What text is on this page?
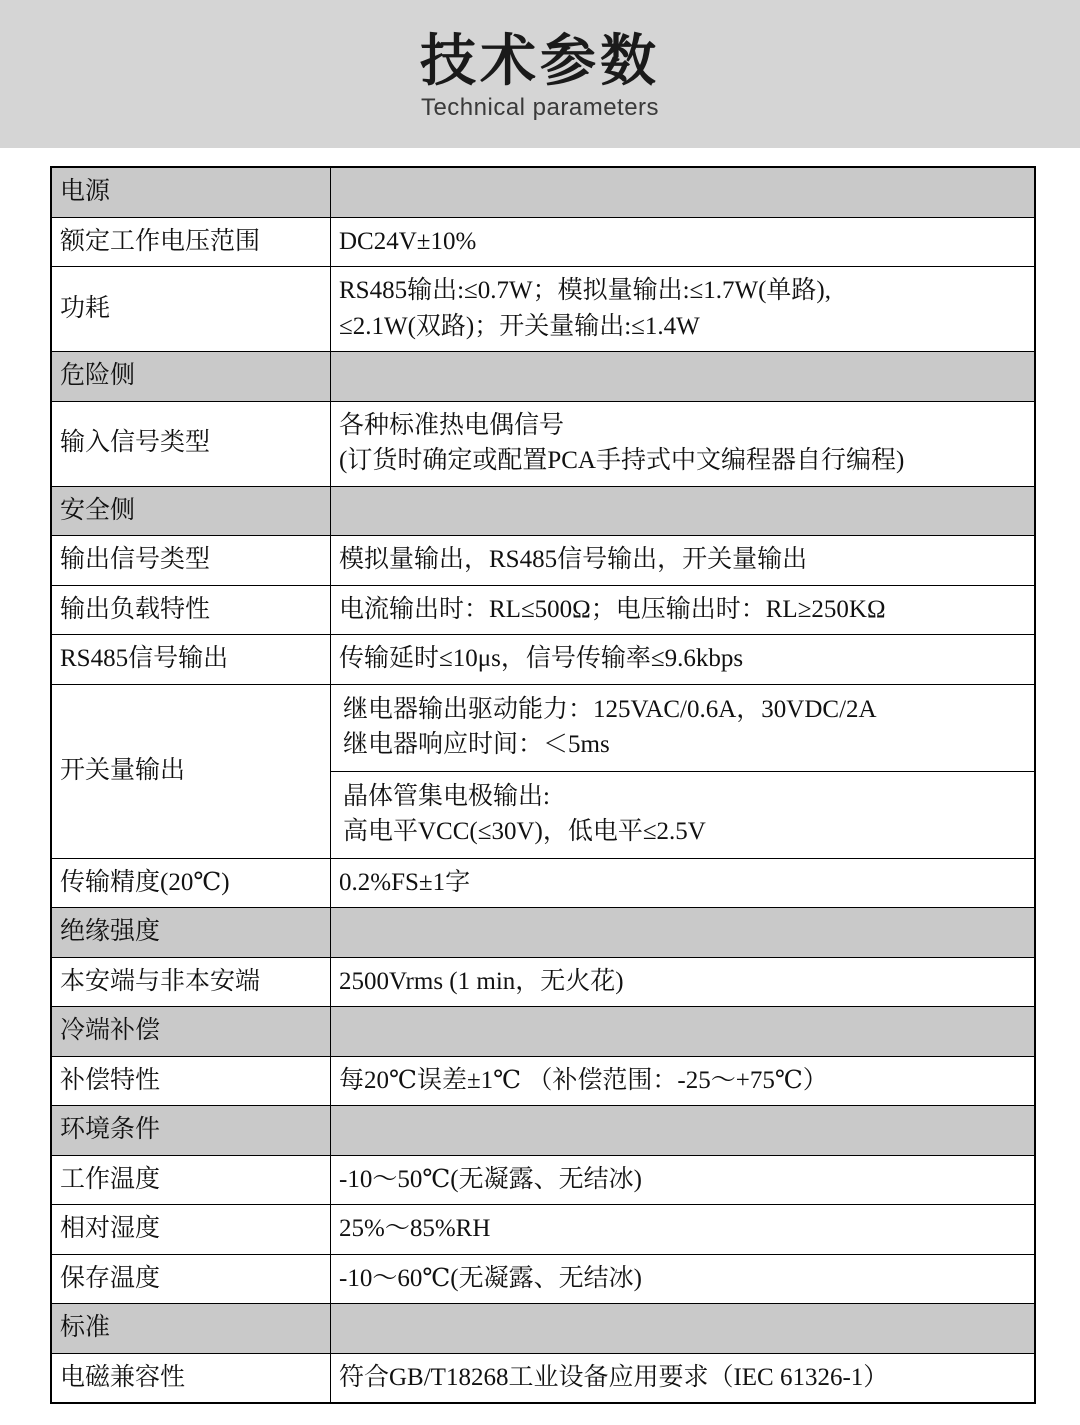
技术参数
Technical parameters
电源	
额定工作电压范围	DC24V±10%
功耗	RS485输出:≤0.7W；模拟量输出:≤1.7W(单路),
≤2.1W(双路)；开关量输出:≤1.4W

危险侧	
输入信号类型	各种标准热电偶信号
(订货时确定或配置PCA手持式中文编程器自行编程)

安全侧	
输出信号类型	模拟量输出，RS485信号输出，开关量输出
输出负载特性	电流输出时：RL≤500Ω；电压输出时：RL≥250KΩ
RS485信号输出	传输延时≤10μs，信号传输率≤9.6kbps
开关量输出	继电器输出驱动能力：125VAC/0.6A，30VDC/2A
继电器响应时间：＜5ms
晶体管集电极输出:
高电平VCC(≤30V)，低电平≤2.5V

传输精度(20℃)	0.2%FS±1字
绝缘强度	
本安端与非本安端	2500Vrms (1 min，无火花)
冷端补偿	
补偿特性	每20℃误差±1℃ （补偿范围：-25～+75℃）
环境条件	
工作温度	-10～50℃(无凝露、无结冰)
相对湿度	25%～85%RH
保存温度	-10～60℃(无凝露、无结冰)
标准	
电磁兼容性	符合GB/T18268工业设备应用要求（IEC 61326-1）
